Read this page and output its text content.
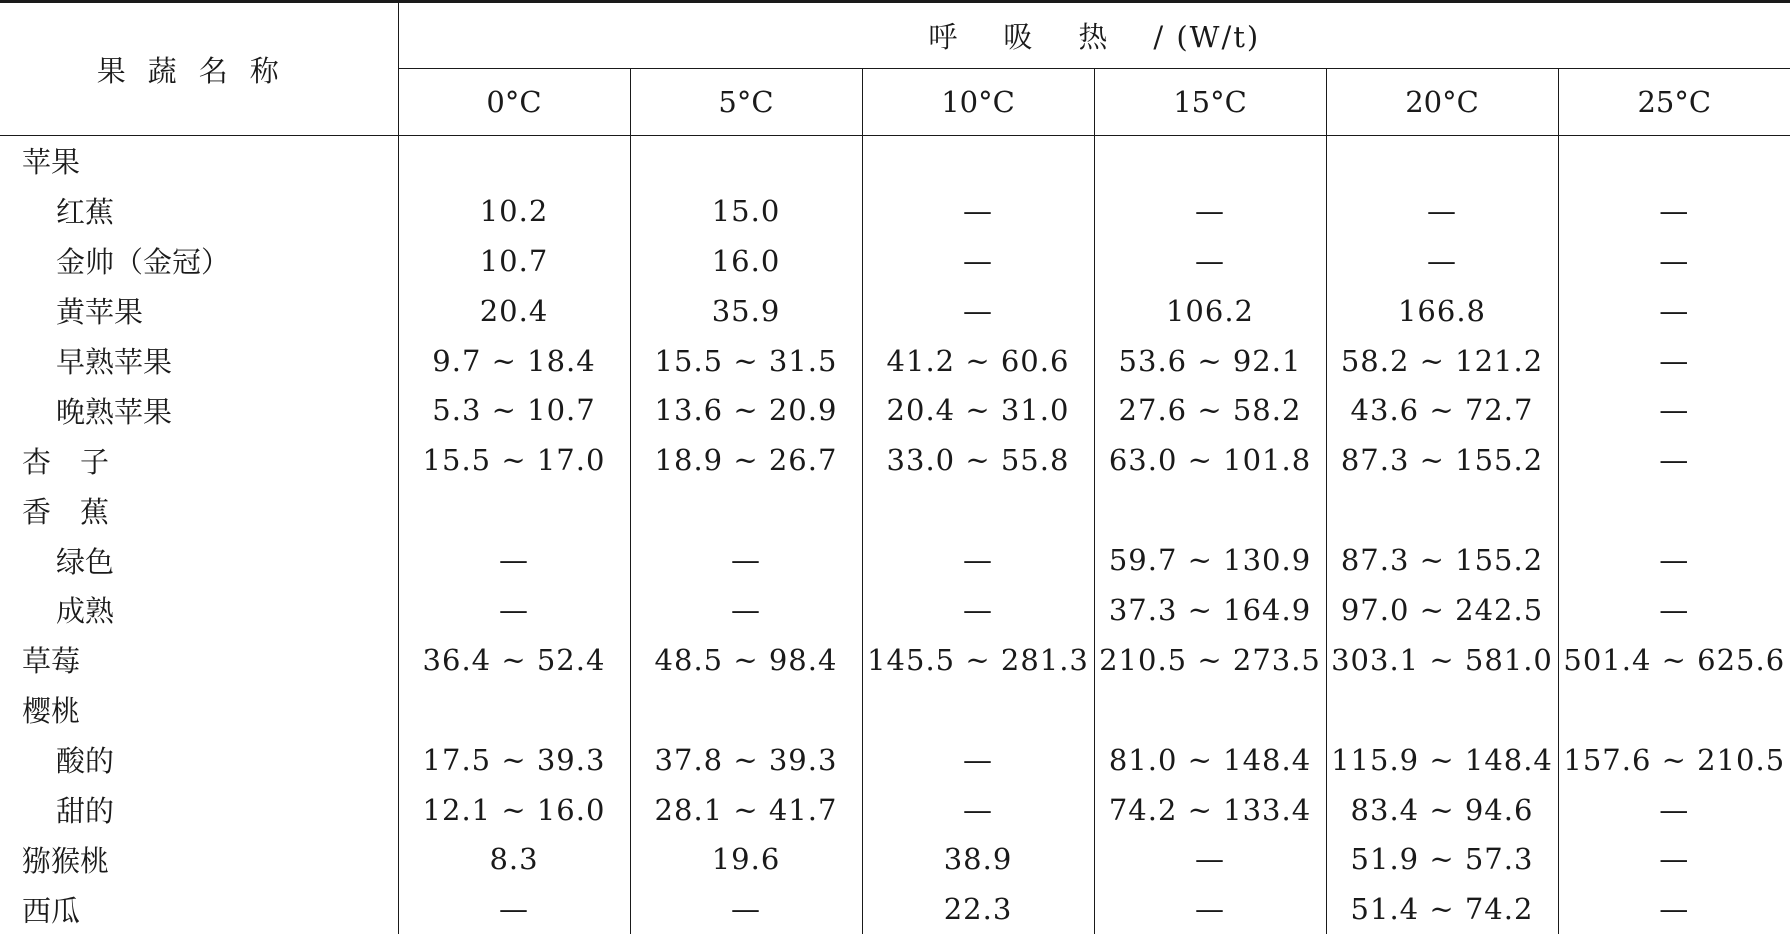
果蔬名称	呼 吸 热 / (W/t)					
	0°C	5°C	10°C	15°C	20°C	25°C
苹果						
红蕉	10.2	15.0	—	—	—	—
金帅（金冠）	10.7	16.0	—	—	—	—
黄苹果	20.4	35.9	—	106.2	166.8	—
早熟苹果	9.7 ~ 18.4	15.5 ~ 31.5	41.2 ~ 60.6	53.6 ~ 92.1	58.2 ~ 121.2	—
晚熟苹果	5.3 ~ 10.7	13.6 ~ 20.9	20.4 ~ 31.0	27.6 ~ 58.2	43.6 ~ 72.7	—
杏　子	15.5 ~ 17.0	18.9 ~ 26.7	33.0 ~ 55.8	63.0 ~ 101.8	87.3 ~ 155.2	—
香　蕉						
绿色	—	—	—	59.7 ~ 130.9	87.3 ~ 155.2	—
成熟	—	—	—	37.3 ~ 164.9	97.0 ~ 242.5	—
草莓	36.4 ~ 52.4	48.5 ~ 98.4	145.5 ~ 281.3	210.5 ~ 273.5	303.1 ~ 581.0	501.4 ~ 625.6
樱桃						
酸的	17.5 ~ 39.3	37.8 ~ 39.3	—	81.0 ~ 148.4	115.9 ~ 148.4	157.6 ~ 210.5
甜的	12.1 ~ 16.0	28.1 ~ 41.7	—	74.2 ~ 133.4	83.4 ~ 94.6	—
猕猴桃	8.3	19.6	38.9	—	51.9 ~ 57.3	—
西瓜	—	—	22.3	—	51.4 ~ 74.2	—
